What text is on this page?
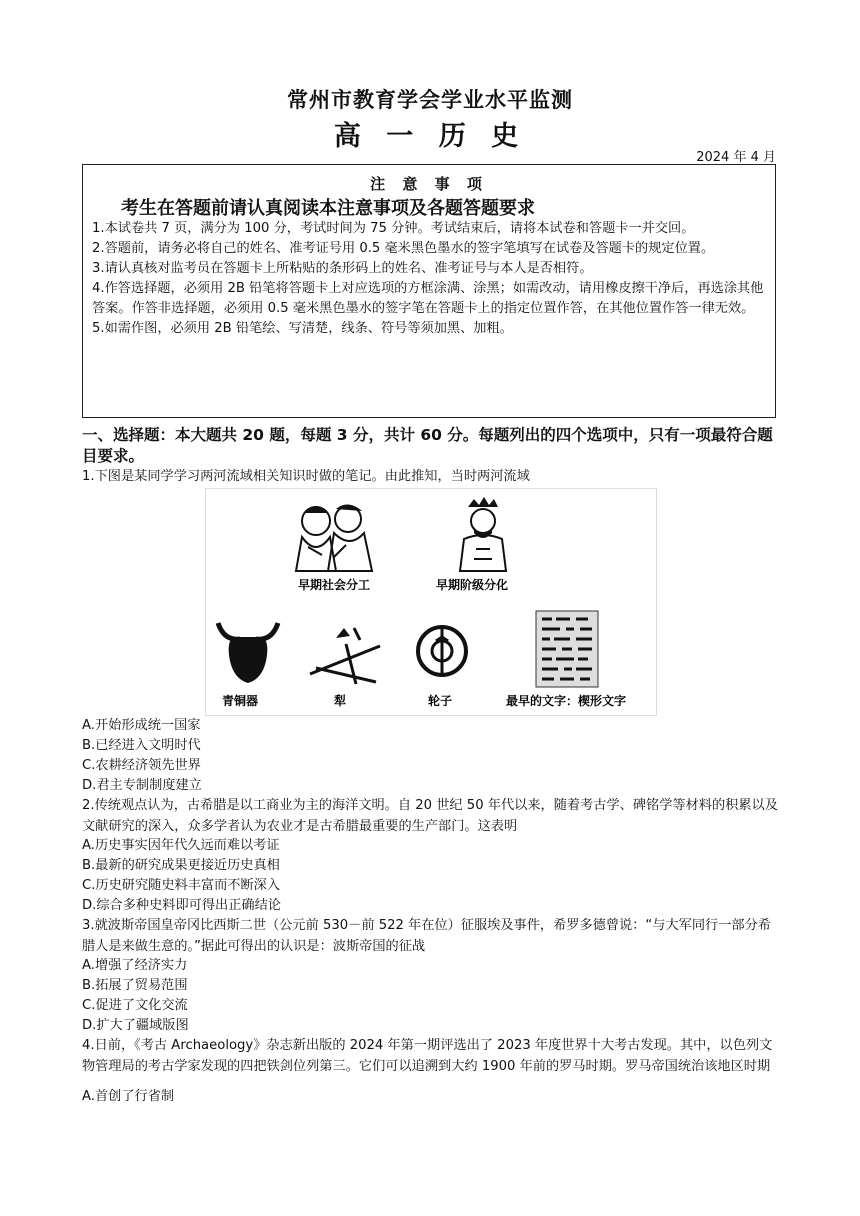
常州市教育学会学业水平监测
高 一 历 史
2024 年 4 月
注 意 事 项
考生在答题前请认真阅读本注意事项及各题答题要求
1.本试卷共 7 页，满分为 100 分，考试时间为 75 分钟。考试结束后，请将本试卷和答题卡一并交回。
2.答题前，请务必将自己的姓名、准考证号用 0.5 毫米黑色墨水的签字笔填写在试卷及答题卡的规定位置。
3.请认真核对监考员在答题卡上所粘贴的条形码上的姓名、准考证号与本人是否相符。
4.作答选择题，必须用 2B 铅笔将答题卡上对应选项的方框涂满、涂黑；如需改动，请用橡皮擦干净后，再选涂其他答案。作答非选择题，必须用 0.5 毫米黑色墨水的签字笔在答题卡上的指定位置作答，在其他位置作答一律无效。
5.如需作图，必须用 2B 铅笔绘、写清楚，线条、符号等须加黑、加粗。
一、选择题：本大题共 20 题，每题 3 分，共计 60 分。每题列出的四个选项中，只有一项最符合题目要求。
1.下图是某同学学习两河流域相关知识时做的笔记。由此推知，当时两河流域
早期社会分工	早期阶级分化
青铜器	犁	轮子	最早的文字：楔形文字
A.开始形成统一国家
B.已经进入文明时代
C.农耕经济领先世界
D.君主专制制度建立
2.传统观点认为，古希腊是以工商业为主的海洋文明。自 20 世纪 50 年代以来，随着考古学、碑铭学等材料的积累以及文献研究的深入，众多学者认为农业才是古希腊最重要的生产部门。这表明
A.历史事实因年代久远而难以考证
B.最新的研究成果更接近历史真相
C.历史研究随史料丰富而不断深入
D.综合多种史料即可得出正确结论
3.就波斯帝国皇帝冈比西斯二世（公元前 530－前 522 年在位）征服埃及事件，希罗多德曾说：“与大军同行一部分希腊人是来做生意的。”据此可得出的认识是：波斯帝国的征战
A.增强了经济实力
B.拓展了贸易范围
C.促进了文化交流
D.扩大了疆域版图
4.日前，《考古 Archaeology》杂志新出版的 2024 年第一期评选出了 2023 年度世界十大考古发现。其中，以色列文物管理局的考古学家发现的四把铁剑位列第三。它们可以追溯到大约 1900 年前的罗马时期。罗马帝国统治该地区时期
A.首创了行省制
